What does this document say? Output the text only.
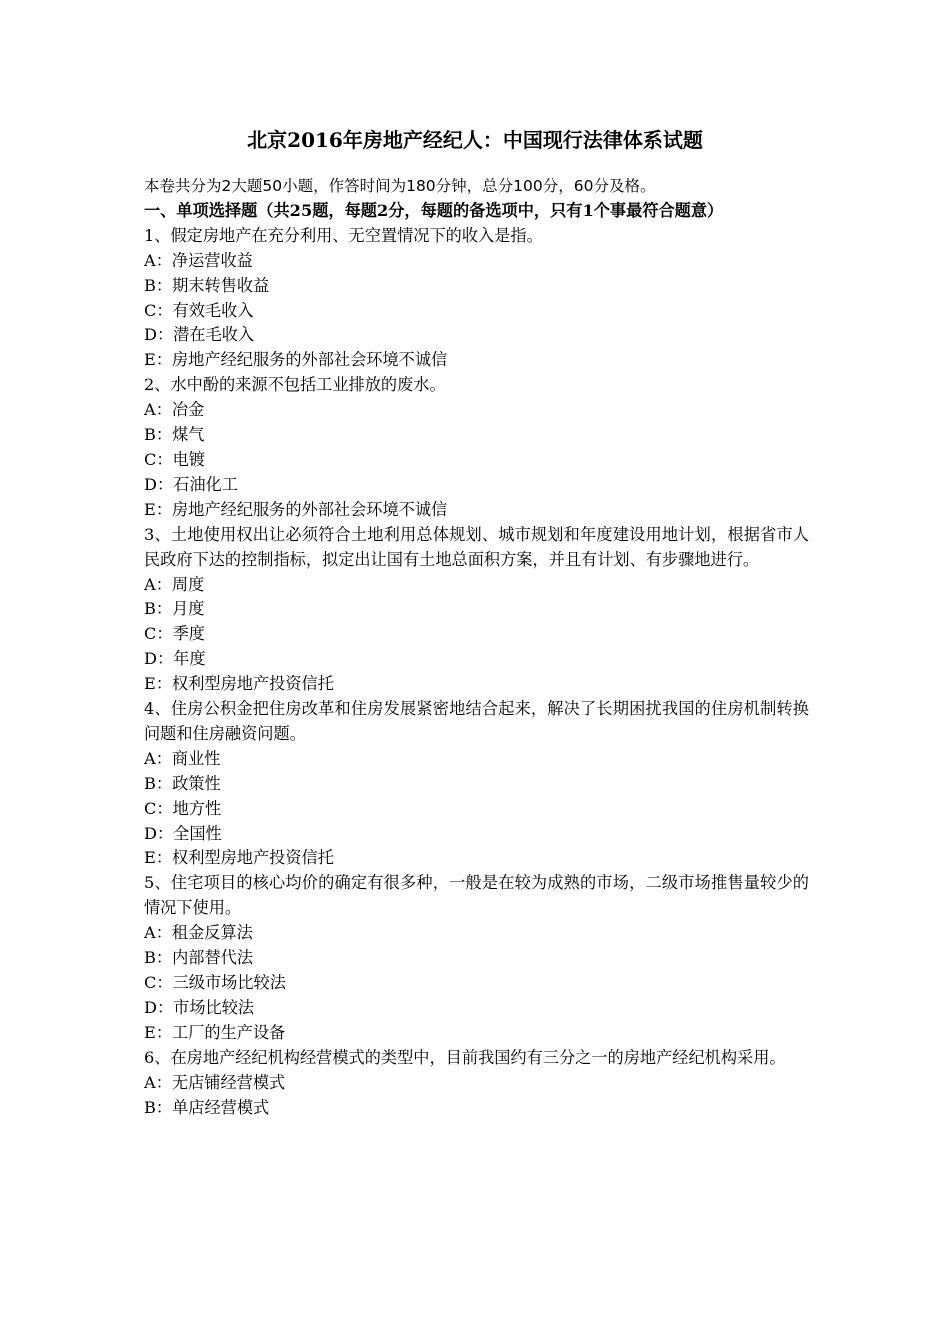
北京2016年房地产经纪人：中国现行法律体系试题
本卷共分为2大题50小题，作答时间为180分钟，总分100分，60分及格。
一、单项选择题（共25题，每题2分，每题的备选项中，只有1个事最符合题意）
1、假定房地产在充分利用、无空置情况下的收入是指。
A：净运营收益
B：期末转售收益
C：有效毛收入
D：潜在毛收入
E：房地产经纪服务的外部社会环境不诚信
2、水中酚的来源不包括工业排放的废水。
A：冶金
B：煤气
C：电镀
D：石油化工
E：房地产经纪服务的外部社会环境不诚信
3、土地使用权出让必须符合土地利用总体规划、城市规划和年度建设用地计划，根据省市人民政府下达的控制指标，拟定出让国有土地总面积方案，并且有计划、有步骤地进行。
A：周度
B：月度
C：季度
D：年度
E：权利型房地产投资信托
4、住房公积金把住房改革和住房发展紧密地结合起来，解决了长期困扰我国的住房机制转换问题和住房融资问题。
A：商业性
B：政策性
C：地方性
D：全国性
E：权利型房地产投资信托
5、住宅项目的核心均价的确定有很多种，一般是在较为成熟的市场，二级市场推售量较少的情况下使用。
A：租金反算法
B：内部替代法
C：三级市场比较法
D：市场比较法
E：工厂的生产设备
6、在房地产经纪机构经营模式的类型中，目前我国约有三分之一的房地产经纪机构采用。
A：无店铺经营模式
B：单店经营模式
